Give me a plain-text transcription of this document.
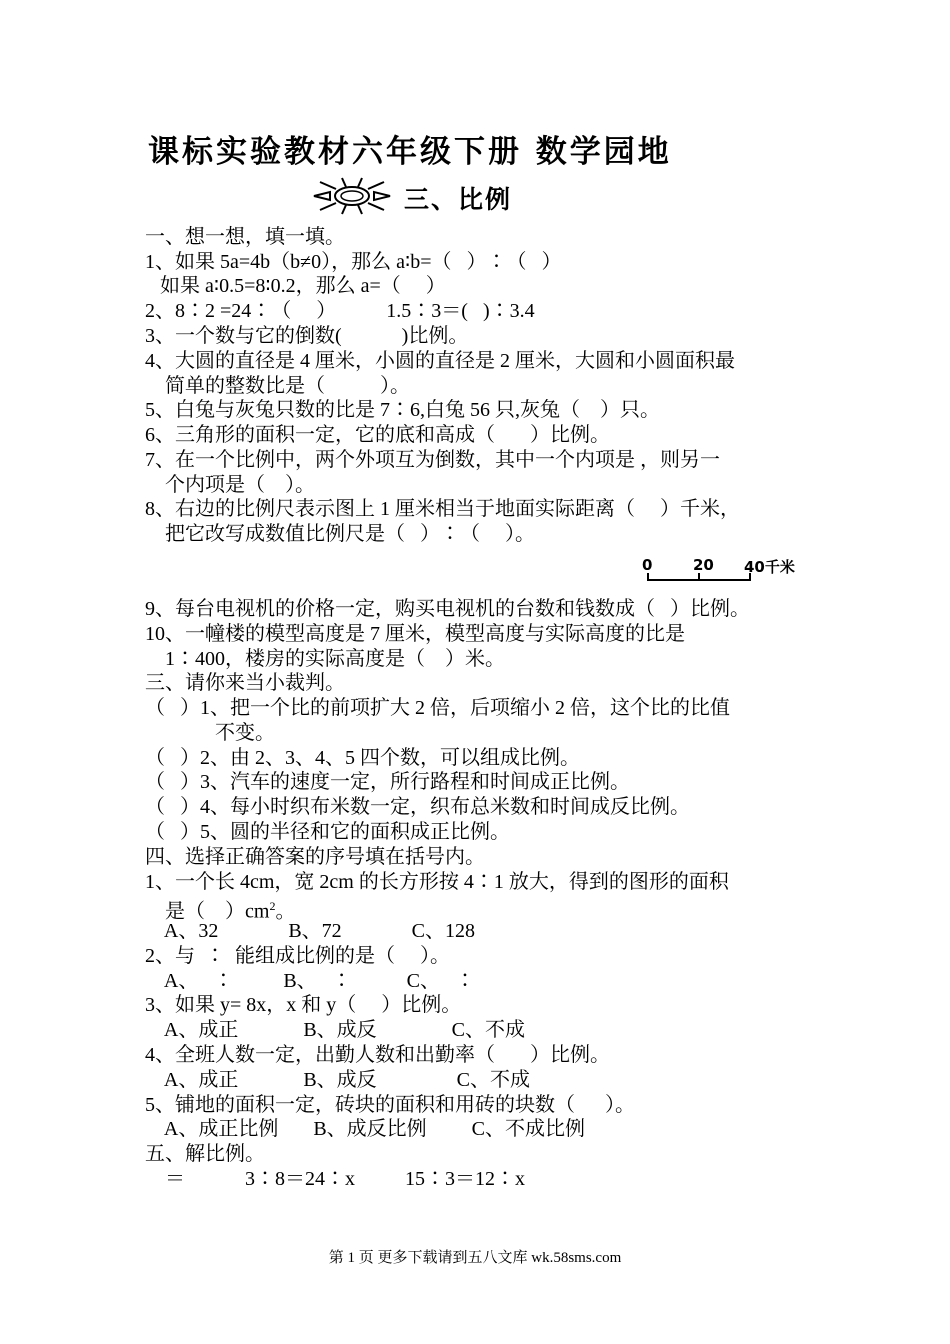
课标实验教材六年级下册 数学园地
三、比例
一、想一想，填一填。
1、如果 5a=4b（b≠0），那么 a∶b=（   ）∶（   ）
如果 a∶0.5=8∶0.2，那么 a=（     ）
2、8∶2 =24∶（     ）          1.5∶3＝(   )∶3.4
3、一个数与它的倒数(            )比例。
4、大圆的直径是 4 厘米，小圆的直径是 2 厘米，大圆和小圆面积最
简单的整数比是（           ）。
5、白兔与灰兔只数的比是 7∶6,白兔 56 只,灰兔（    ）只。
6、三角形的面积一定，它的底和高成（       ）比例。
7、在一个比例中，两个外项互为倒数，其中一个内项是 ，则另一
个内项是（    ）。
8、右边的比例尺表示图上 1 厘米相当于地面实际距离（     ）千米，
把它改写成数值比例尺是（   ）∶（     ）。
0	20 40千米
9、每台电视机的价格一定，购买电视机的台数和钱数成（   ）比例。
10、一幢楼的模型高度是 7 厘米，模型高度与实际高度的比是
1∶400，楼房的实际高度是（    ）米。
三、请你来当小裁判。
（   ）1、把一个比的前项扩大 2 倍，后项缩小 2 倍，这个比的比值
不变。
（   ）2、由 2、3、4、5 四个数，可以组成比例。
（   ）3、汽车的速度一定，所行路程和时间成正比例。
（   ）4、每小时织布米数一定，织布总米数和时间成反比例。
（   ）5、圆的半径和它的面积成正比例。
四、选择正确答案的序号填在括号内。
1、一个长 4cm，宽 2cm 的长方形按 4∶1 放大，得到的图形的面积
是（    ）$cm^2$。
A、32              B、72              C、128
2、与  ∶  能组成比例的是（     ）。
A、   ∶          B、   ∶           C、   ∶
3、如果 y= 8x，x 和 y（     ）比例。
A、成正             B、成反               C、不成
4、全班人数一定，出勤人数和出勤率（       ）比例。
A、成正             B、成反                C、不成
5、铺地的面积一定，砖块的面积和用砖的块数（      ）。
A、成正比例       B、成反比例         C、不成比例
五、解比例。
＝            3∶8＝24∶x          15∶3＝12∶x
第 1 页 更多下载请到五八文库 wk.58sms.com
